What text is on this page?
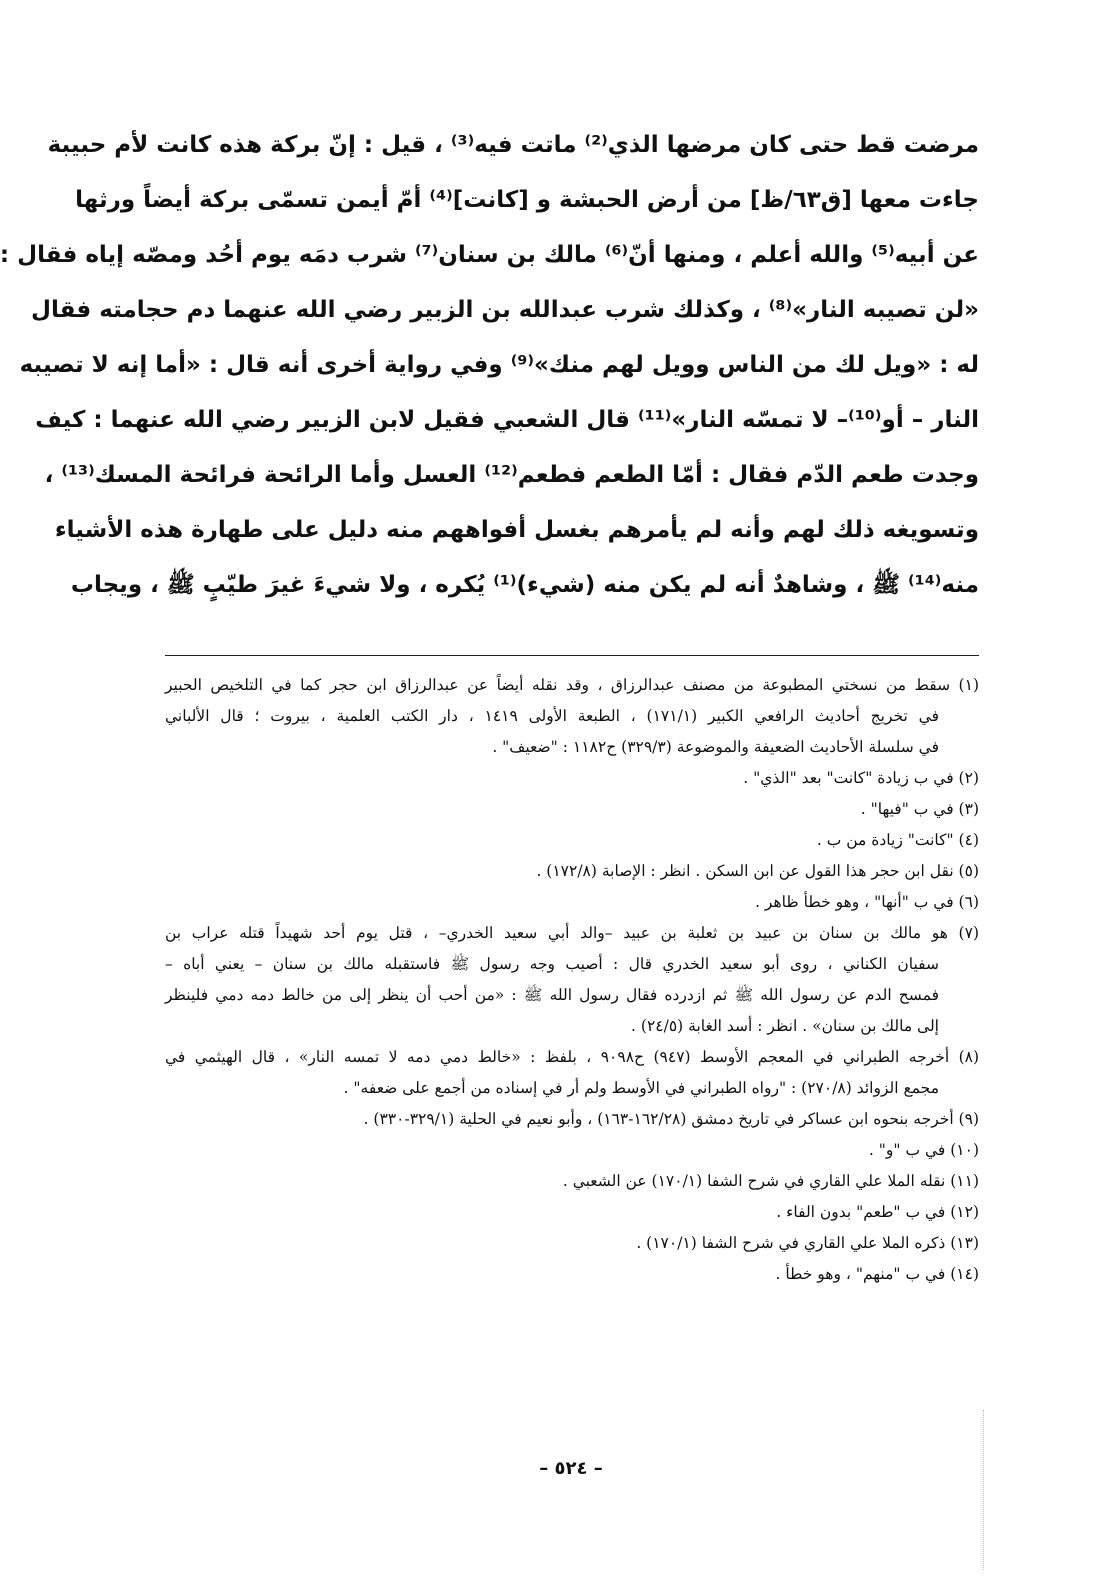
مرضت قط حتى كان مرضها الذي⁽²⁾ ماتت فيه⁽³⁾ ، قيل : إنّ بركة هذه كانت لأم حبيبة
جاءت معها [ق٦٣/ظ] من أرض الحبشة و [كانت]⁽⁴⁾ أمّ أيمن تسمّى بركة أيضاً ورثها
عن أبيه⁽⁵⁾ والله أعلم ، ومنها أنّ⁽⁶⁾ مالك بن سنان⁽⁷⁾ شرب دمَه يوم أحُد ومصّه إياه فقال :
«لن تصيبه النار»⁽⁸⁾ ، وكذلك شرب عبدالله بن الزبير رضي الله عنهما دم حجامته فقال
له : «ويل لك من الناس وويل لهم منك»⁽⁹⁾ وفي رواية أخرى أنه قال : «أما إنه لا تصيبه
النار – أو⁽¹⁰⁾– لا تمسّه النار»⁽¹¹⁾ قال الشعبي فقيل لابن الزبير رضي الله عنهما : كيف
وجدت طعم الدّم فقال : أمّا الطعم فطعم⁽¹²⁾ العسل وأما الرائحة فرائحة المسك⁽¹³⁾ ،
وتسويغه ذلك لهم وأنه لم يأمرهم بغسل أفواههم منه دليل على طهارة هذه الأشياء
منه⁽¹⁴⁾ ﷺ ، وشاهدٌ أنه لم يكن منه (شيء)⁽¹⁾ يُكره ، ولا شيءَ غيرَ طيّبٍ ﷺ ، ويجاب
(١) سقط من نسختي المطبوعة من مصنف عبدالرزاق ، وقد نقله أيضاً عن عبدالرزاق ابن حجر كما في التلخيص الحبير
في تخريج أحاديث الرافعي الكبير (١٧١/١) ، الطبعة الأولى ١٤١٩ ، دار الكتب العلمية ، بيروت ؛ قال الألباني
في سلسلة الأحاديث الضعيفة والموضوعة (٣٢٩/٣) ح١١٨٢ : "ضعيف" .
(٢) في ب زيادة "كانت" بعد "الذي" .
(٣) في ب "فيها" .
(٤) "كانت" زيادة من ب .
(٥) نقل ابن حجر هذا القول عن ابن السكن . انظر : الإصابة (١٧٢/٨) .
(٦) في ب "أنها" ، وهو خطأ ظاهر .
(٧) هو مالك بن سنان بن عبيد بن ثعلبة بن عبيد –والد أبي سعيد الخدري– ، قتل يوم أحد شهيداً قتله عراب بن
سفيان الكناني ، روى أبو سعيد الخدري قال : أصيب وجه رسول ﷺ فاستقبله مالك بن سنان – يعني أباه –
فمسح الدم عن رسول الله ﷺ ثم ازدرده فقال رسول الله ﷺ : «من أحب أن ينظر إلى من خالط دمه دمي فلينظر
إلى مالك بن سنان» . انظر : أسد الغابة (٢٤/٥) .
(٨) أخرجه الطبراني في المعجم الأوسط (٩٤٧) ح٩٠٩٨ ، بلفظ : «خالط دمي دمه لا تمسه النار» ، قال الهيثمي في
مجمع الزوائد (٢٧٠/٨) : "رواه الطبراني في الأوسط ولم أر في إسناده من أجمع على ضعفه" .
(٩) أخرجه بنحوه ابن عساكر في تاريخ دمشق (١٦٢/٢٨-١٦٣) ، وأبو نعيم في الحلية (٣٢٩/١-٣٣٠) .
(١٠) في ب "و" .
(١١) نقله الملا علي القاري في شرح الشفا (١٧٠/١) عن الشعبي .
(١٢) في ب "طعم" بدون الفاء .
(١٣) ذكره الملا علي القاري في شرح الشفا (١٧٠/١) .
(١٤) في ب "منهم" ، وهو خطأ .
– ٥٢٤ –
